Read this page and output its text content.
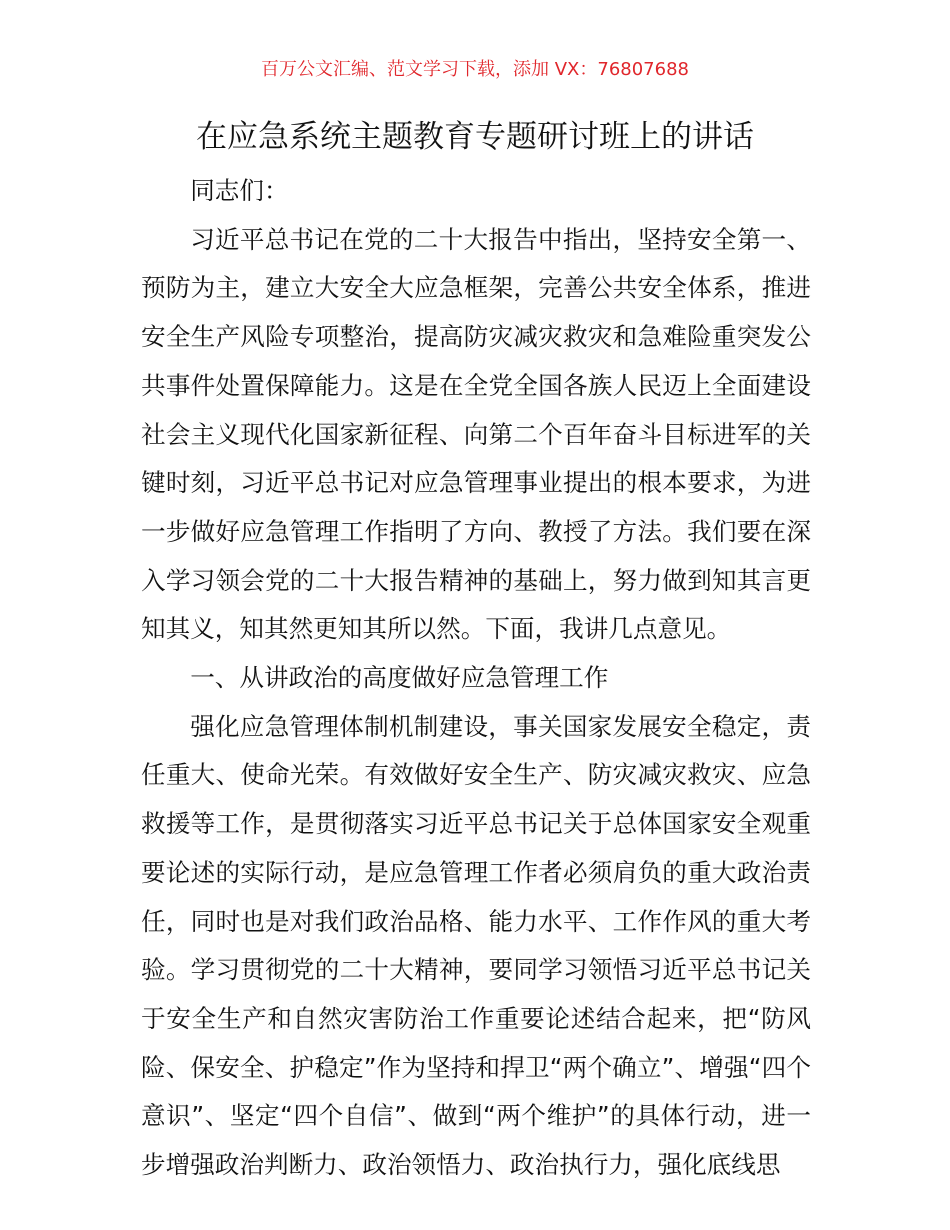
百万公文汇编、范文学习下载，添加 VX：76807688
在应急系统主题教育专题研讨班上的讲话

同志们：

习近平总书记在党的二十大报告中指出，坚持安全第一、预防为主，建立大安全大应急框架，完善公共安全体系，推进安全生产风险专项整治，提高防灾减灾救灾和急难险重突发公共事件处置保障能力。这是在全党全国各族人民迈上全面建设社会主义现代化国家新征程、向第二个百年奋斗目标进军的关键时刻，习近平总书记对应急管理事业提出的根本要求，为进一步做好应急管理工作指明了方向、教授了方法。我们要在深入学习领会党的二十大报告精神的基础上，努力做到知其言更知其义，知其然更知其所以然。下面，我讲几点意见。

一、从讲政治的高度做好应急管理工作

强化应急管理体制机制建设，事关国家发展安全稳定，责任重大、使命光荣。有效做好安全生产、防灾减灾救灾、应急救援等工作，是贯彻落实习近平总书记关于总体国家安全观重要论述的实际行动，是应急管理工作者必须肩负的重大政治责任，同时也是对我们政治品格、能力水平、工作作风的重大考验。学习贯彻党的二十大精神，要同学习领悟习近平总书记关于安全生产和自然灾害防治工作重要论述结合起来，把“防风险、保安全、护稳定”作为坚持和捍卫“两个确立”、增强“四个意识”、坚定“四个自信”、做到“两个维护”的具体行动，进一步增强政治判断力、政治领悟力、政治执行力，强化底线思
